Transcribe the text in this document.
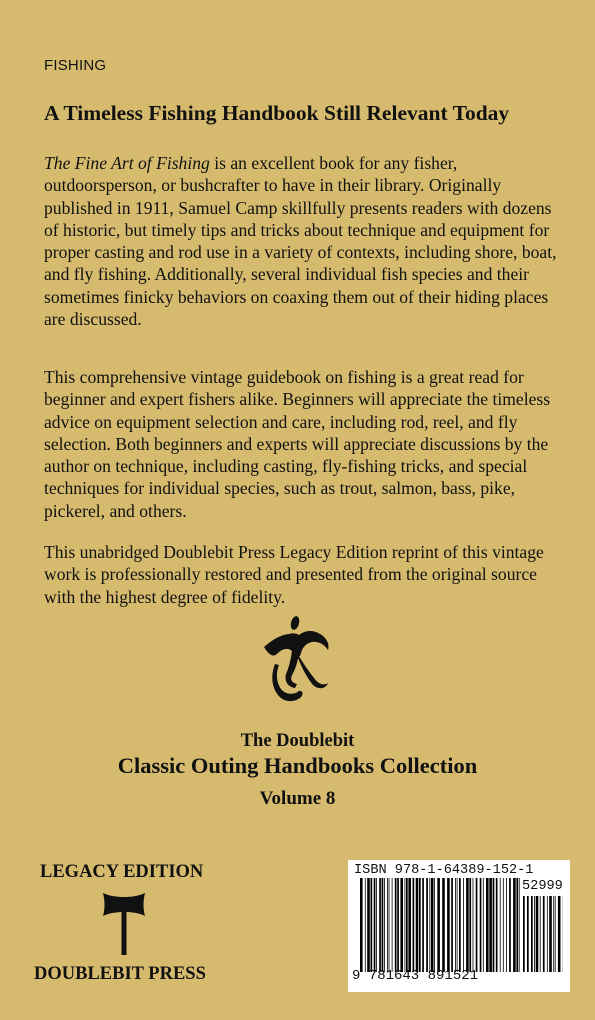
FISHING
A Timeless Fishing Handbook Still Relevant Today

The Fine Art of Fishing is an excellent book for any fisher, outdoorsperson, or bushcrafter to have in their library. Originally published in 1911, Samuel Camp skillfully presents readers with dozens of historic, but timely tips and tricks about technique and equipment for proper casting and rod use in a variety of contexts, including shore, boat, and fly fishing. Additionally, several individual fish species and their sometimes finicky behaviors on coaxing them out of their hiding places are discussed.

This comprehensive vintage guidebook on fishing is a great read for beginner and expert fishers alike. Beginners will appreciate the timeless advice on equipment selection and care, including rod, reel, and fly selection. Both beginners and experts will appreciate discussions by the author on technique, including casting, fly-fishing tricks, and special techniques for individual species, such as trout, salmon, bass, pike, pickerel, and others.

This unabridged Doublebit Press Legacy Edition reprint of this vintage work is professionally restored and presented from the original source with the highest degree of fidelity.

The Doublebit
Classic Outing Handbooks Collection
Volume 8
LEGACY EDITION
DOUBLEBIT PRESS
ISBN 978-1-64389-152-1
52999
9 781643 891521
